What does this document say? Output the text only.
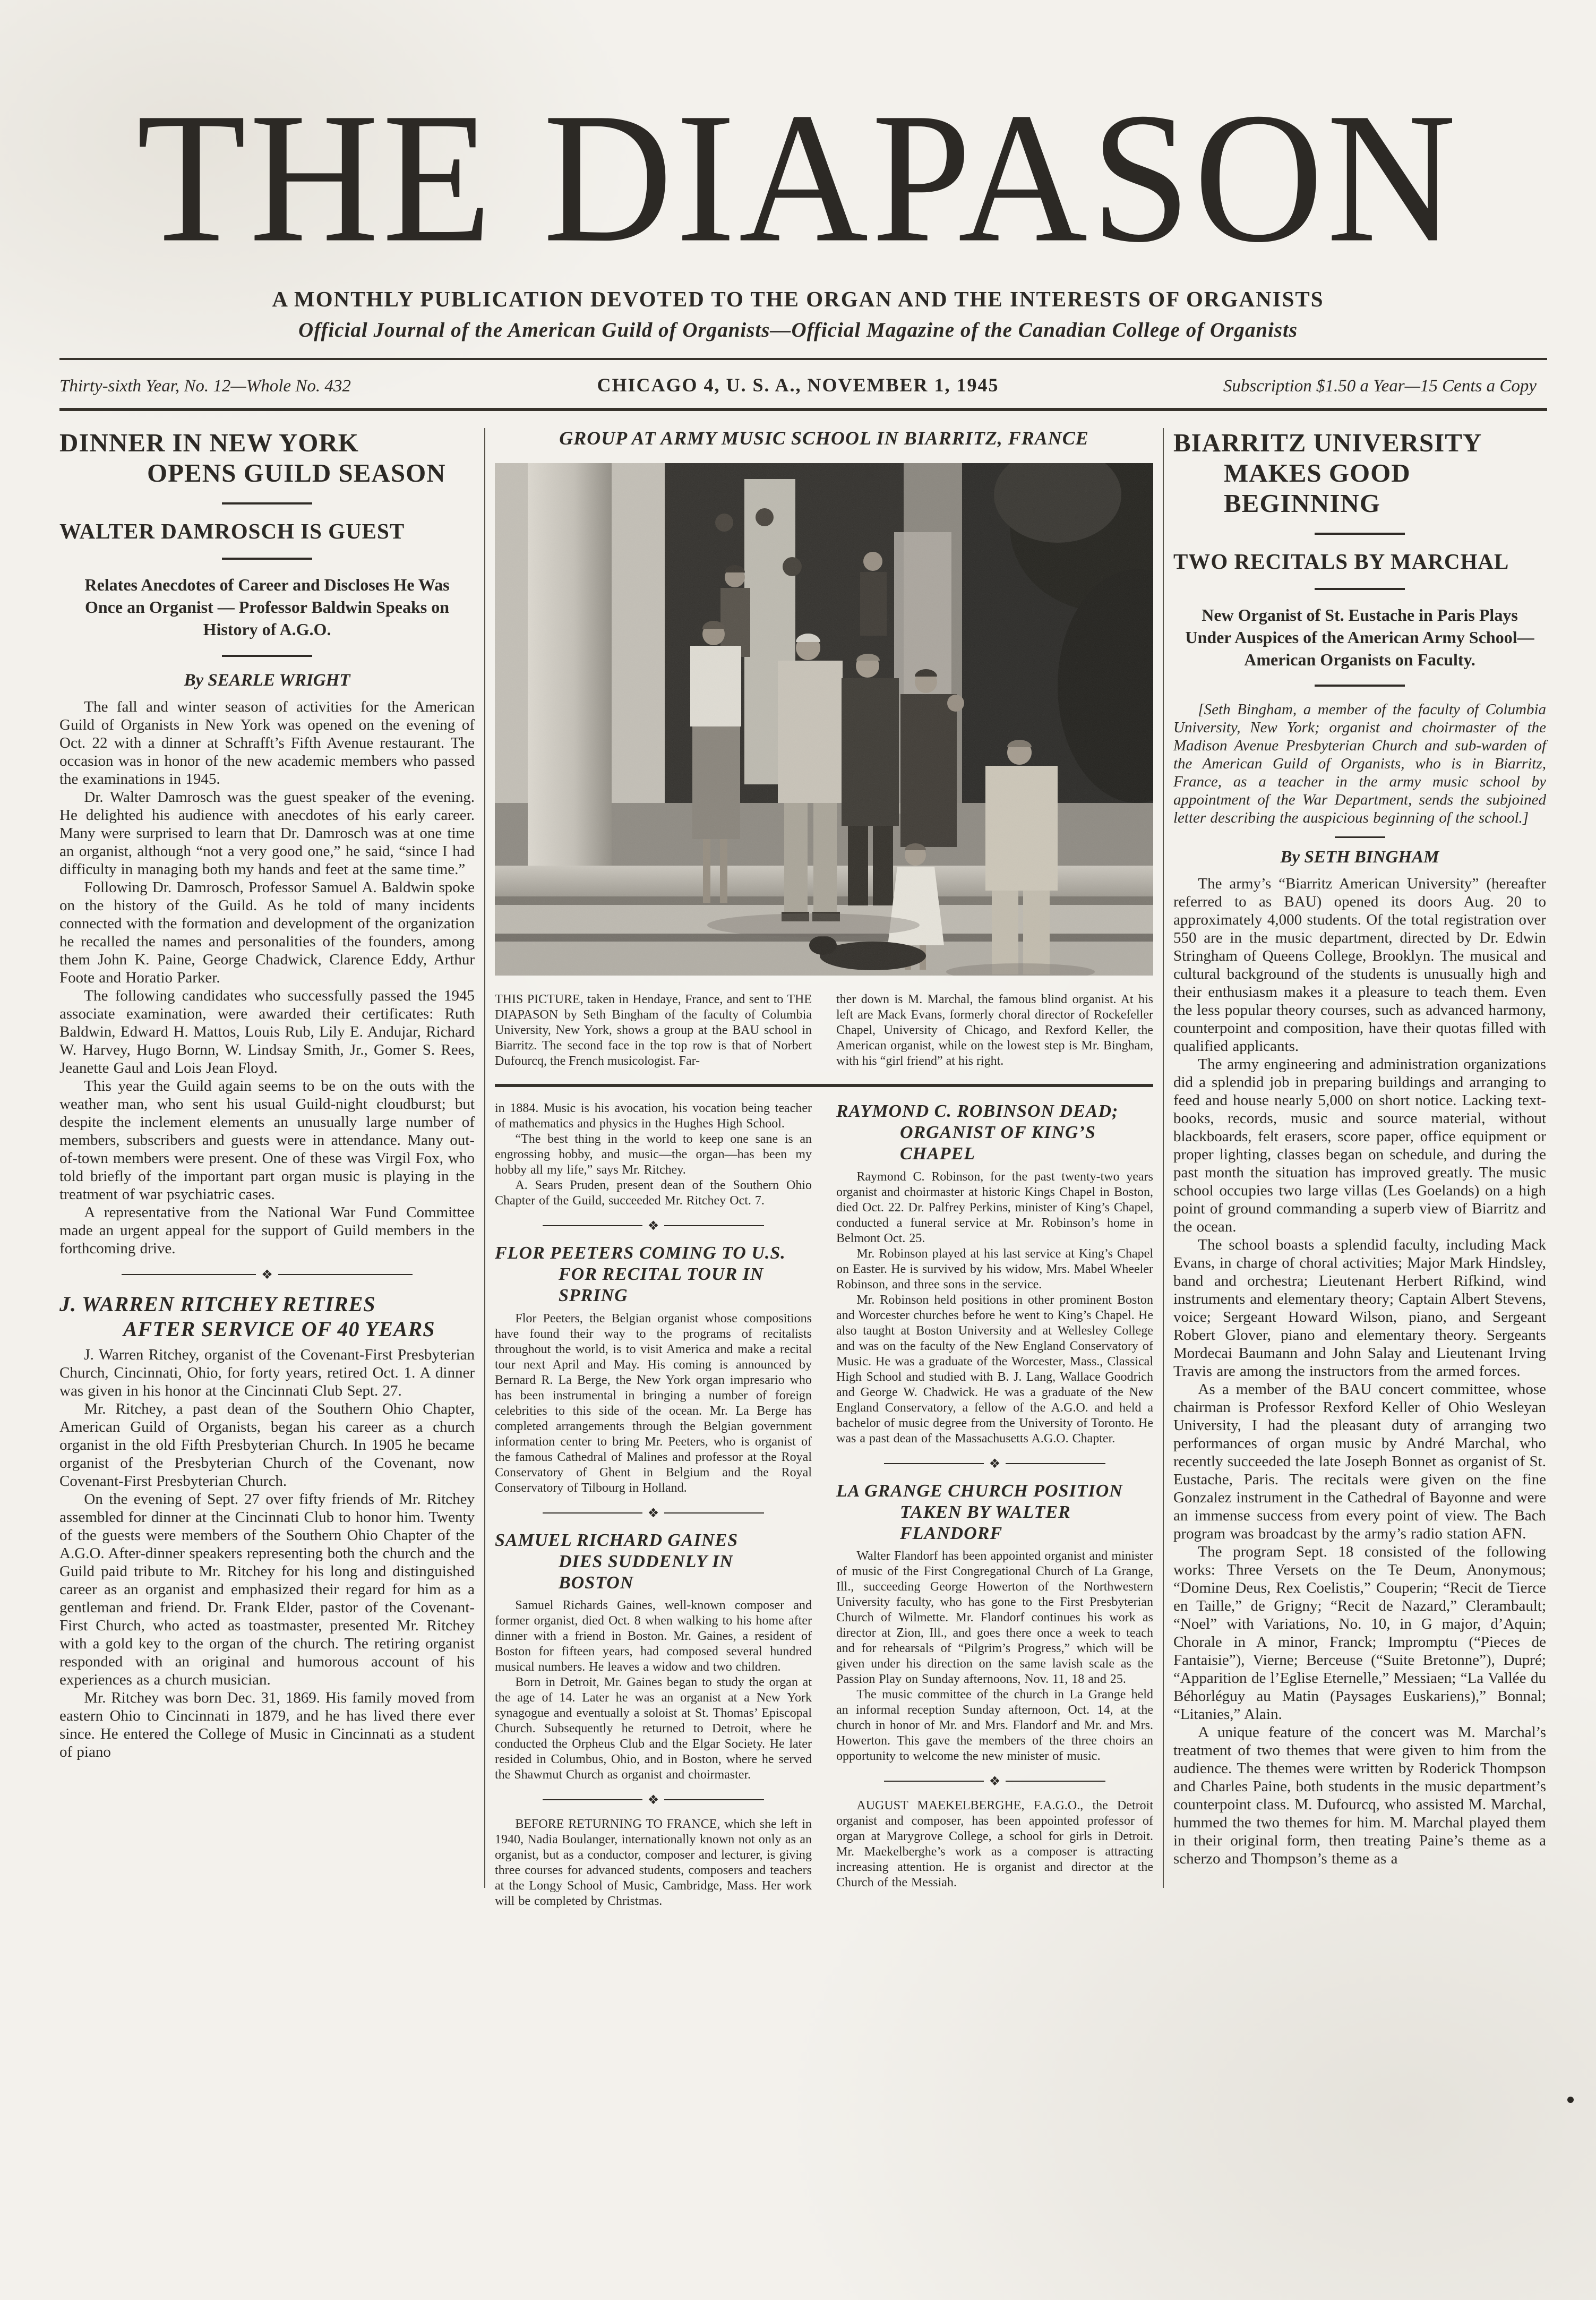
THE DIAPASON
A MONTHLY PUBLICATION DEVOTED TO THE ORGAN AND THE INTERESTS OF ORGANISTS
Official Journal of the American Guild of Organists—Official Magazine of the Canadian College of Organists
Thirty-sixth Year, No. 12—Whole No. 432	CHICAGO 4, U. S. A., NOVEMBER 1, 1945	Subscription $1.50 a Year—15 Cents a Copy
DINNER IN NEW YORK
OPENS GUILD SEASON
WALTER DAMROSCH IS GUEST
Relates Anecdotes of Career and Discloses He Was Once an Organist — Professor Baldwin Speaks on History of A.G.O.
By SEARLE WRIGHT

The fall and winter season of activities for the American Guild of Organists in New York was opened on the evening of Oct. 22 with a dinner at Schrafft’s Fifth Avenue restaurant. The occasion was in honor of the new academic members who passed the examinations in 1945.

Dr. Walter Damrosch was the guest speaker of the evening. He delighted his audience with anecdotes of his early career. Many were surprised to learn that Dr. Damrosch was at one time an organist, although “not a very good one,” he said, “since I had difficulty in managing both my hands and feet at the same time.”

Following Dr. Damrosch, Professor Samuel A. Baldwin spoke on the history of the Guild. As he told of many incidents connected with the formation and development of the organization he recalled the names and personalities of the founders, among them John K. Paine, George Chadwick, Clarence Eddy, Arthur Foote and Horatio Parker.

The following candidates who successfully passed the 1945 associate examination, were awarded their certificates: Ruth Baldwin, Edward H. Mattos, Louis Rub, Lily E. Andujar, Richard W. Harvey, Hugo Bornn, W. Lindsay Smith, Jr., Gomer S. Rees, Jeanette Gaul and Lois Jean Floyd.

This year the Guild again seems to be on the outs with the weather man, who sent his usual Guild-night cloudburst; but despite the inclement elements an unusually large number of members, subscribers and guests were in attendance. Many out-of-town members were present. One of these was Virgil Fox, who told briefly of the important part organ music is playing in the treatment of war psychiatric cases.

A representative from the National War Fund Committee made an urgent appeal for the support of Guild members in the forthcoming drive.

❖
J. WARREN RITCHEY RETIRES
AFTER SERVICE OF 40 YEARS

J. Warren Ritchey, organist of the Covenant-First Presbyterian Church, Cincinnati, Ohio, for forty years, retired Oct. 1. A dinner was given in his honor at the Cincinnati Club Sept. 27.

Mr. Ritchey, a past dean of the Southern Ohio Chapter, American Guild of Organists, began his career as a church organist in the old Fifth Presbyterian Church. In 1905 he became organist of the Presbyterian Church of the Covenant, now Covenant-First Presbyterian Church.

On the evening of Sept. 27 over fifty friends of Mr. Ritchey assembled for dinner at the Cincinnati Club to honor him. Twenty of the guests were members of the Southern Ohio Chapter of the A.G.O. After-dinner speakers representing both the church and the Guild paid tribute to Mr. Ritchey for his long and distinguished career as an organist and emphasized their regard for him as a gentleman and friend. Dr. Frank Elder, pastor of the Covenant-First Church, who acted as toastmaster, presented Mr. Ritchey with a gold key to the organ of the church. The retiring organist responded with an original and humorous account of his experiences as a church musician.

Mr. Ritchey was born Dec. 31, 1869. His family moved from eastern Ohio to Cincinnati in 1879, and he has lived there ever since. He entered the College of Music in Cincinnati as a student of piano

GROUP AT ARMY MUSIC SCHOOL IN BIARRITZ, FRANCE

THIS PICTURE, taken in Hendaye, France, and sent to THE DIAPASON by Seth Bingham of the faculty of Columbia University, New York, shows a group at the BAU school in Biarritz. The second face in the top row is that of Norbert Dufourcq, the French musicologist. Far-

ther down is M. Marchal, the famous blind organist. At his left are Mack Evans, formerly choral director of Rockefeller Chapel, University of Chicago, and Rexford Keller, the American organist, while on the lowest step is Mr. Bingham, with his “girl friend” at his right.

in 1884. Music is his avocation, his vocation being teacher of mathematics and physics in the Hughes High School.

“The best thing in the world to keep one sane is an engrossing hobby, and music—the organ—has been my hobby all my life,” says Mr. Ritchey.

A. Sears Pruden, present dean of the Southern Ohio Chapter of the Guild, succeeded Mr. Ritchey Oct. 7.

❖
FLOR PEETERS COMING TO U.S.
FOR RECITAL TOUR IN SPRING

Flor Peeters, the Belgian organist whose compositions have found their way to the programs of recitalists throughout the world, is to visit America and make a recital tour next April and May. His coming is announced by Bernard R. La Berge, the New York organ impresario who has been instrumental in bringing a number of foreign celebrities to this side of the ocean. Mr. La Berge has completed arrangements through the Belgian government information center to bring Mr. Peeters, who is organist of the famous Cathedral of Malines and professor at the Royal Conservatory of Ghent in Belgium and the Royal Conservatory of Tilbourg in Holland.

❖
SAMUEL RICHARD GAINES
DIES SUDDENLY IN BOSTON

Samuel Richards Gaines, well-known composer and former organist, died Oct. 8 when walking to his home after dinner with a friend in Boston. Mr. Gaines, a resident of Boston for fifteen years, had composed several hundred musical numbers. He leaves a widow and two children.

Born in Detroit, Mr. Gaines began to study the organ at the age of 14. Later he was an organist at a New York synagogue and eventually a soloist at St. Thomas’ Episcopal Church. Subsequently he returned to Detroit, where he conducted the Orpheus Club and the Elgar Society. He later resided in Columbus, Ohio, and in Boston, where he served the Shawmut Church as organist and choirmaster.

❖

BEFORE RETURNING TO FRANCE, which she left in 1940, Nadia Boulanger, internationally known not only as an organist, but as a conductor, composer and lecturer, is giving three courses for advanced students, composers and teachers at the Longy School of Music, Cambridge, Mass. Her work will be completed by Christmas.

RAYMOND C. ROBINSON DEAD;
ORGANIST OF KING’S CHAPEL

Raymond C. Robinson, for the past twenty-two years organist and choirmaster at historic Kings Chapel in Boston, died Oct. 22. Dr. Palfrey Perkins, minister of King’s Chapel, conducted a funeral service at Mr. Robinson’s home in Belmont Oct. 25.

Mr. Robinson played at his last service at King’s Chapel on Easter. He is survived by his widow, Mrs. Mabel Wheeler Robinson, and three sons in the service.

Mr. Robinson held positions in other prominent Boston and Worcester churches before he went to King’s Chapel. He also taught at Boston University and at Wellesley College and was on the faculty of the New England Conservatory of Music. He was a graduate of the Worcester, Mass., Classical High School and studied with B. J. Lang, Wallace Goodrich and George W. Chadwick. He was a graduate of the New England Conservatory, a fellow of the A.G.O. and held a bachelor of music degree from the University of Toronto. He was a past dean of the Massachusetts A.G.O. Chapter.

❖
LA GRANGE CHURCH POSITION
TAKEN BY WALTER FLANDORF

Walter Flandorf has been appointed organist and minister of music of the First Congregational Church of La Grange, Ill., succeeding George Howerton of the Northwestern University faculty, who has gone to the First Presbyterian Church of Wilmette. Mr. Flandorf continues his work as director at Zion, Ill., and goes there once a week to teach and for rehearsals of “Pilgrim’s Progress,” which will be given under his direction on the same lavish scale as the Passion Play on Sunday afternoons, Nov. 11, 18 and 25.

The music committee of the church in La Grange held an informal reception Sunday afternoon, Oct. 14, at the church in honor of Mr. and Mrs. Flandorf and Mr. and Mrs. Howerton. This gave the members of the three choirs an opportunity to welcome the new minister of music.

❖

AUGUST MAEKELBERGHE, F.A.G.O., the Detroit organist and composer, has been appointed professor of organ at Marygrove College, a school for girls in Detroit. Mr. Maekelberghe’s work as a composer is attracting increasing attention. He is organist and director at the Church of the Messiah.

BIARRITZ UNIVERSITY
MAKES GOOD BEGINNING
TWO RECITALS BY MARCHAL
New Organist of St. Eustache in Paris Plays Under Auspices of the American Army School—American Organists on Faculty.

[Seth Bingham, a member of the faculty of Columbia University, New York; organist and choirmaster of the Madison Avenue Presbyterian Church and sub-warden of the American Guild of Organists, who is in Biarritz, France, as a teacher in the army music school by appointment of the War Department, sends the subjoined letter describing the auspicious beginning of the school.]

By SETH BINGHAM

The army’s “Biarritz American University” (hereafter referred to as BAU) opened its doors Aug. 20 to approximately 4,000 students. Of the total registration over 550 are in the music department, directed by Dr. Edwin Stringham of Queens College, Brooklyn. The musical and cultural background of the students is unusually high and their enthusiasm makes it a pleasure to teach them. Even the less popular theory courses, such as advanced harmony, counterpoint and composition, have their quotas filled with qualified applicants.

The army engineering and administration organizations did a splendid job in preparing buildings and arranging to feed and house nearly 5,000 on short notice. Lacking text-books, records, music and source material, without blackboards, felt erasers, score paper, office equipment or proper lighting, classes began on schedule, and during the past month the situation has improved greatly. The music school occupies two large villas (Les Goelands) on a high point of ground commanding a superb view of Biarritz and the ocean.

The school boasts a splendid faculty, including Mack Evans, in charge of choral activities; Major Mark Hindsley, band and orchestra; Lieutenant Herbert Rifkind, wind instruments and elementary theory; Captain Albert Stevens, voice; Sergeant Howard Wilson, piano, and Sergeant Robert Glover, piano and elementary theory. Sergeants Mordecai Baumann and John Salay and Lieutenant Irving Travis are among the instructors from the armed forces.

As a member of the BAU concert committee, whose chairman is Professor Rexford Keller of Ohio Wesleyan University, I had the pleasant duty of arranging two performances of organ music by André Marchal, who recently succeeded the late Joseph Bonnet as organist of St. Eustache, Paris. The recitals were given on the fine Gonzalez instrument in the Cathedral of Bayonne and were an immense success from every point of view. The Bach program was broadcast by the army’s radio station AFN.

The program Sept. 18 consisted of the following works: Three Versets on the Te Deum, Anonymous; “Domine Deus, Rex Coelistis,” Couperin; “Recit de Tierce en Taille,” de Grigny; “Recit de Nazard,” Clerambault; “Noel” with Variations, No. 10, in G major, d’Aquin; Chorale in A minor, Franck; Impromptu (“Pieces de Fantaisie”), Vierne; Berceuse (“Suite Bretonne”), Dupré; “Apparition de l’Eglise Eternelle,” Messiaen; “La Vallée du Béhorléguy au Matin (Paysages Euskariens),” Bonnal; “Litanies,” Alain.

A unique feature of the concert was M. Marchal’s treatment of two themes that were given to him from the audience. The themes were written by Roderick Thompson and Charles Paine, both students in the music department’s counterpoint class. M. Dufourcq, who assisted M. Marchal, hummed the two themes for him. M. Marchal played them in their original form, then treating Paine’s theme as a scherzo and Thompson’s theme as a
